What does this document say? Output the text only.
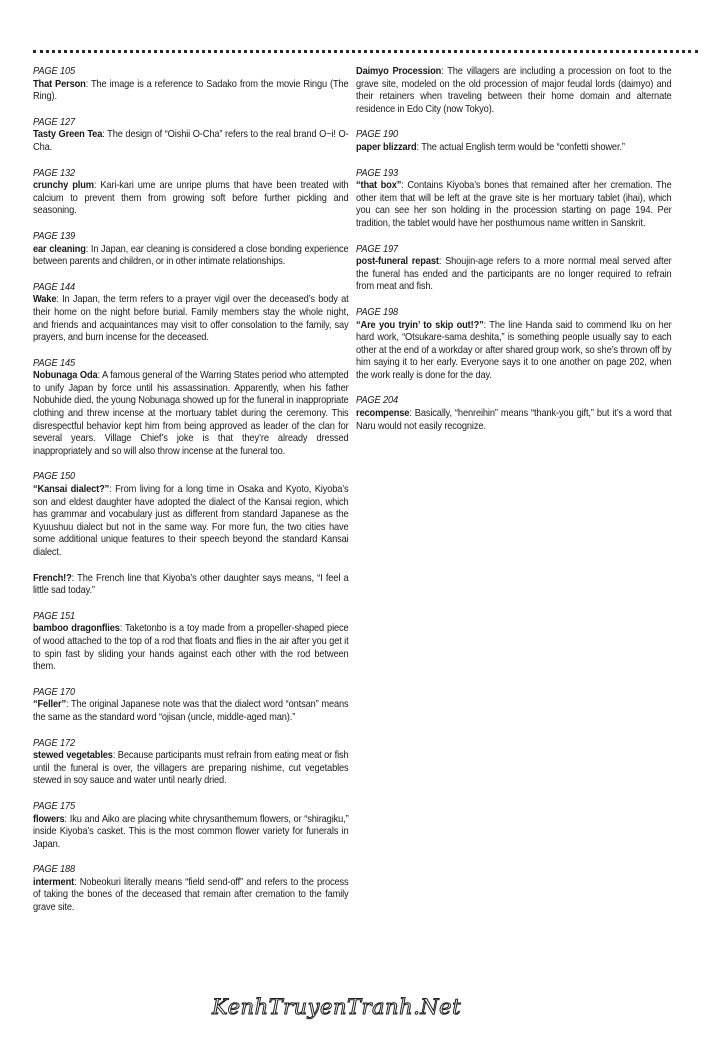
PAGE 105
That Person: The image is a reference to Sadako from the movie Ringu (The Ring).
PAGE 127
Tasty Green Tea: The design of “Oishii O-Cha” refers to the real brand O~i! O-Cha.
PAGE 132
crunchy plum: Kari-kari ume are unripe plums that have been treated with calcium to prevent them from growing soft before further pickling and seasoning.
PAGE 139
ear cleaning: In Japan, ear cleaning is considered a close bonding experience between parents and children, or in other intimate relationships.
PAGE 144
Wake: In Japan, the term refers to a prayer vigil over the deceased’s body at their home on the night before burial. Family members stay the whole night, and friends and acquaintances may visit to offer consolation to the family, say prayers, and burn incense for the deceased.
PAGE 145
Nobunaga Oda: A famous general of the Warring States period who attempted to unify Japan by force until his assassination. Apparently, when his father Nobuhide died, the young Nobunaga showed up for the funeral in inappropriate clothing and threw incense at the mortuary tablet during the ceremony. This disrespectful behavior kept him from being approved as leader of the clan for several years. Village Chief’s joke is that they’re already dressed inappropriately and so will also throw incense at the funeral too.
PAGE 150
“Kansai dialect?”: From living for a long time in Osaka and Kyoto, Kiyoba’s son and eldest daughter have adopted the dialect of the Kansai region, which has grammar and vocabulary just as different from standard Japanese as the Kyuushuu dialect but not in the same way. For more fun, the two cities have some additional unique features to their speech beyond the standard Kansai dialect.
French!?: The French line that Kiyoba’s other daughter says means, “I feel a little sad today.”
PAGE 151
bamboo dragonflies: Taketonbo is a toy made from a propeller-shaped piece of wood attached to the top of a rod that floats and flies in the air after you get it to spin fast by sliding your hands against each other with the rod between them.
PAGE 170
“Feller”: The original Japanese note was that the dialect word “ontsan” means the same as the standard word “ojisan (uncle, middle-aged man).”
PAGE 172
stewed vegetables: Because participants must refrain from eating meat or fish until the funeral is over, the villagers are preparing nishime, cut vegetables stewed in soy sauce and water until nearly dried.
PAGE 175
flowers: Iku and Aiko are placing white chrysanthemum flowers, or “shiragiku,” inside Kiyoba’s casket. This is the most common flower variety for funerals in Japan.
PAGE 188
interment: Nobeokuri literally means “field send-off” and refers to the process of taking the bones of the deceased that remain after cremation to the family grave site.
Daimyo Procession: The villagers are including a procession on foot to the grave site, modeled on the old procession of major feudal lords (daimyo) and their retainers when traveling between their home domain and alternate residence in Edo City (now Tokyo).
PAGE 190
paper blizzard: The actual English term would be “confetti shower.”
PAGE 193
“that box”: Contains Kiyoba’s bones that remained after her cremation. The other item that will be left at the grave site is her mortuary tablet (ihai), which you can see her son holding in the procession starting on page 194. Per tradition, the tablet would have her posthumous name written in Sanskrit.
PAGE 197
post-funeral repast: Shoujin-age refers to a more normal meal served after the funeral has ended and the participants are no longer required to refrain from meat and fish.
PAGE 198
“Are you tryin’ to skip out!?”: The line Handa said to commend Iku on her hard work, “Otsukare-sama deshita,” is something people usually say to each other at the end of a workday or after shared group work, so she’s thrown off by him saying it to her early. Everyone says it to one another on page 202, when the work really is done for the day.
PAGE 204
recompense: Basically, “henreihin” means “thank-you gift,” but it’s a word that Naru would not easily recognize.
KenhTruyenTranh.Net
